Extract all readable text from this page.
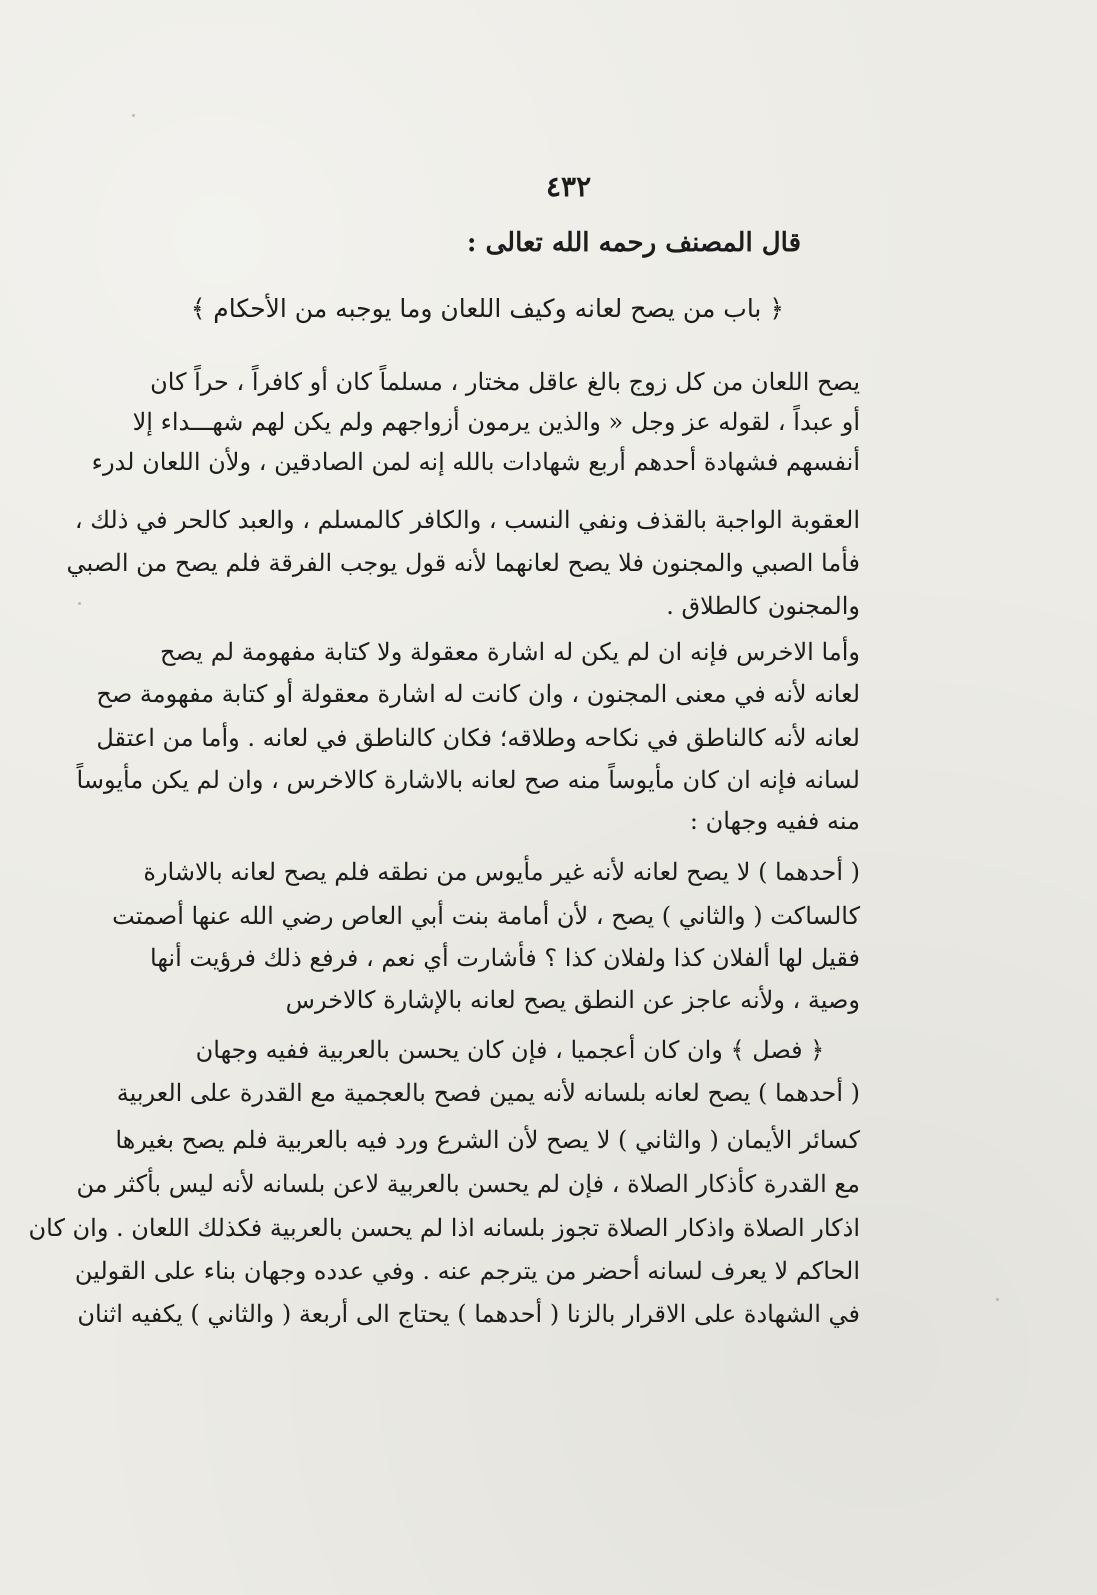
٤٣٢
قال المصنف رحمه الله تعالى :
﴿ باب من يصح لعانه وكيف اللعان وما يوجبه من الأحكام ﴾
يصح اللعان من كل زوج بالغ عاقل مختار ، مسلماً كان أو كافراً ، حراً كان
أو عبداً ، لقوله عز وجل « والذين يرمون أزواجهم ولم يكن لهم شهـــداء إلا
أنفسهم فشهادة أحدهم أربع شهادات بالله إنه لمن الصادقين ، ولأن اللعان لدرء
العقوبة الواجبة بالقذف ونفي النسب ، والكافر كالمسلم ، والعبد كالحر في ذلك ،
فأما الصبي والمجنون فلا يصح لعانهما لأنه قول يوجب الفرقة فلم يصح من الصبي
والمجنون كالطلاق .
وأما الاخرس فإنه ان لم يكن له اشارة معقولة ولا كتابة مفهومة لم يصح
لعانه لأنه في معنى المجنون ، وان كانت له اشارة معقولة أو كتابة مفهومة صح
لعانه لأنه كالناطق في نكاحه وطلاقه؛ فكان كالناطق في لعانه . وأما من اعتقل
لسانه فإنه ان كان مأيوساً منه صح لعانه بالاشارة كالاخرس ، وان لم يكن مأيوساً
منه ففيه وجهان :
( أحدهما ) لا يصح لعانه لأنه غير مأيوس من نطقه فلم يصح لعانه بالاشارة
كالساكت ( والثاني ) يصح ، لأن أمامة بنت أبي العاص رضي الله عنها أصمتت
فقيل لها ألفلان كذا ولفلان كذا ؟ فأشارت أي نعم ، فرفع ذلك فرؤيت أنها
وصية ، ولأنه عاجز عن النطق يصح لعانه بالإشارة كالاخرس
﴿ فصل ﴾ وان كان أعجميا ، فإن كان يحسن بالعربية ففيه وجهان
( أحدهما ) يصح لعانه بلسانه لأنه يمين فصح بالعجمية مع القدرة على العربية
كسائر الأيمان ( والثاني ) لا يصح لأن الشرع ورد فيه بالعربية فلم يصح بغيرها
مع القدرة كأذكار الصلاة ، فإن لم يحسن بالعربية لاعن بلسانه لأنه ليس بأكثر من
اذكار الصلاة واذكار الصلاة تجوز بلسانه اذا لم يحسن بالعربية فكذلك اللعان . وان كان
الحاكم لا يعرف لسانه أحضر من يترجم عنه . وفي عدده وجهان بناء على القولين
في الشهادة على الاقرار بالزنا ( أحدهما ) يحتاج الى أربعة ( والثاني ) يكفيه اثنان
